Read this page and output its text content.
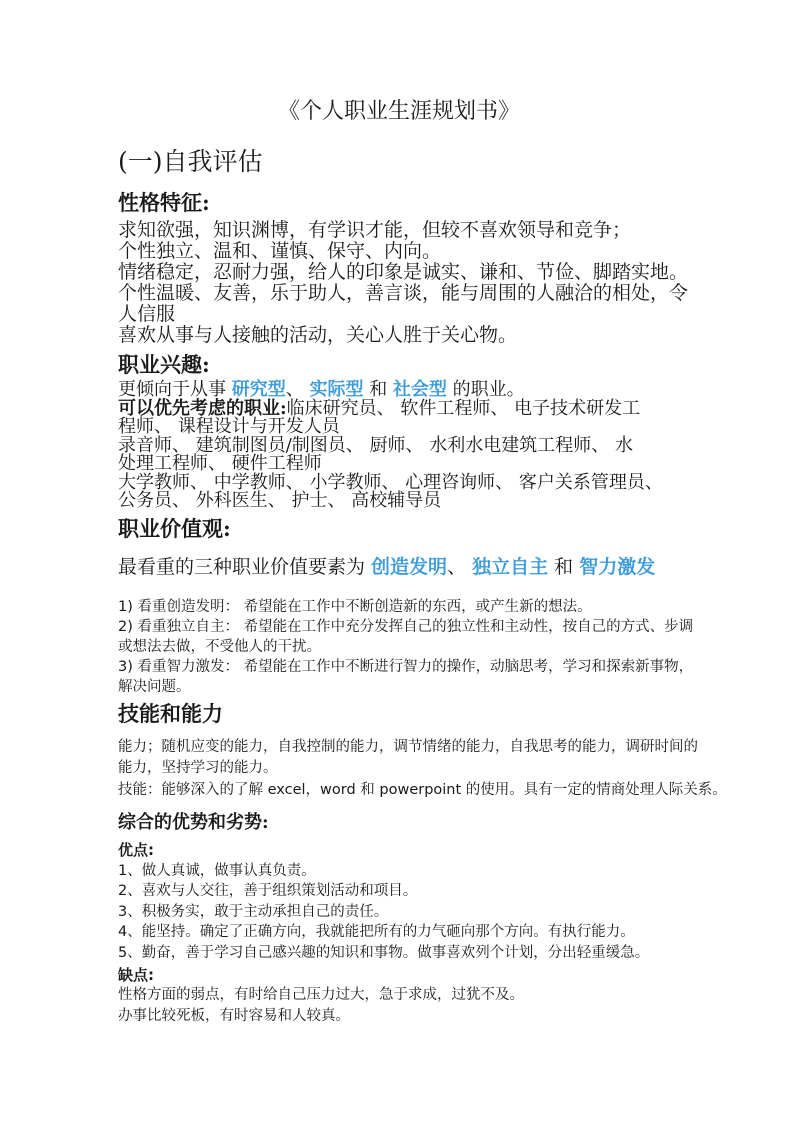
《个人职业生涯规划书》
(一)自我评估
性格特征:
求知欲强，知识渊博，有学识才能，但较不喜欢领导和竞争；
个性独立、温和、谨慎、保守、内向。
情绪稳定，忍耐力强，给人的印象是诚实、谦和、节俭、脚踏实地。
个性温暖、友善，乐于助人，善言谈，能与周围的人融洽的相处，令
人信服
喜欢从事与人接触的活动，关心人胜于关心物。
职业兴趣:
更倾向于从事 研究型、 实际型 和 社会型 的职业。
可以优先考虑的职业:临床研究员、 软件工程师、 电子技术研发工
程师、 课程设计与开发人员
录音师、 建筑制图员/制图员、 厨师、 水利水电建筑工程师、 水
处理工程师、 硬件工程师
大学教师、 中学教师、 小学教师、 心理咨询师、 客户关系管理员、
公务员、 外科医生、 护士、 高校辅导员
职业价值观:
最看重的三种职业价值要素为 创造发明、 独立自主 和 智力激发
1) 看重创造发明： 希望能在工作中不断创造新的东西，或产生新的想法。
2) 看重独立自主： 希望能在工作中充分发挥自己的独立性和主动性，按自己的方式、步调
或想法去做，不受他人的干扰。
3) 看重智力激发： 希望能在工作中不断进行智力的操作，动脑思考，学习和探索新事物，
解决问题。
技能和能力
能力；随机应变的能力，自我控制的能力，调节情绪的能力，自我思考的能力，调研时间的
能力，坚持学习的能力。
技能：能够深入的了解 excel，word 和 powerpoint 的使用。具有一定的情商处理人际关系。
综合的优势和劣势:
优点:
1、做人真诚，做事认真负责。
2、喜欢与人交往，善于组织策划活动和项目。
3、积极务实，敢于主动承担自己的责任。
4、能坚持。确定了正确方向，我就能把所有的力气砸向那个方向。有执行能力。
5、勤奋，善于学习自己感兴趣的知识和事物。做事喜欢列个计划，分出轻重缓急。
缺点:
性格方面的弱点，有时给自己压力过大，急于求成，过犹不及。
办事比较死板，有时容易和人较真。
